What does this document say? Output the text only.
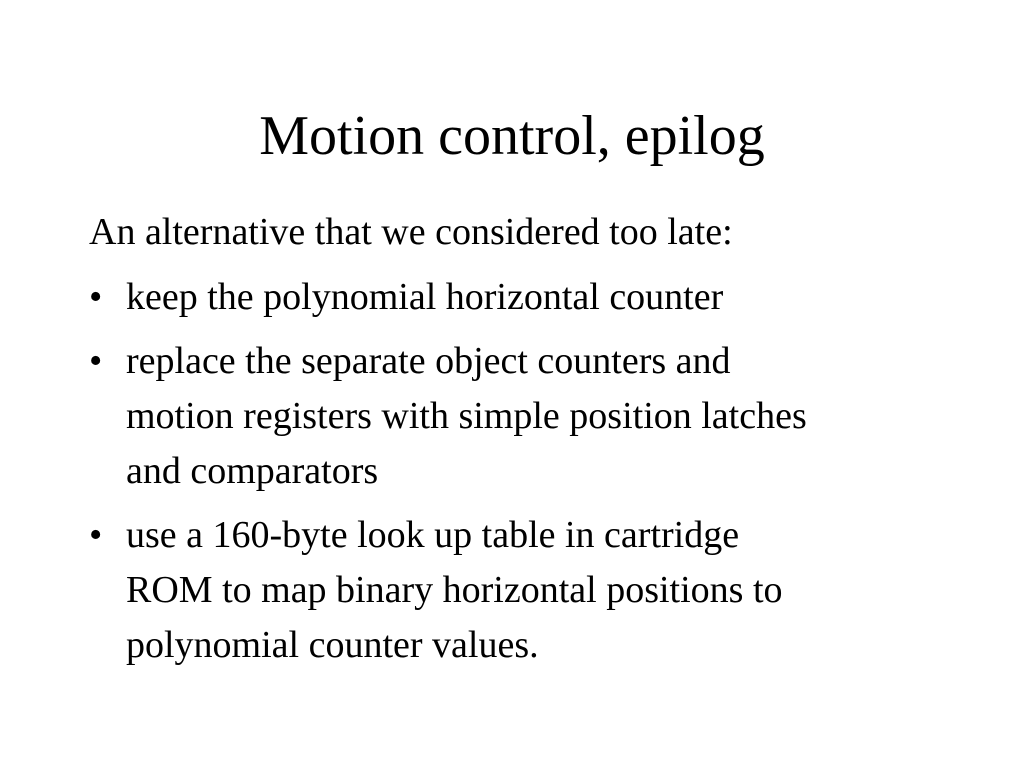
Motion control, epilog

An alternative that we considered too late:

• keep the polynomial horizontal counter
• replace the separate object counters and
motion registers with simple position latches
and comparators
• use a 160-byte look up table in cartridge
ROM to map binary horizontal positions to
polynomial counter values.
